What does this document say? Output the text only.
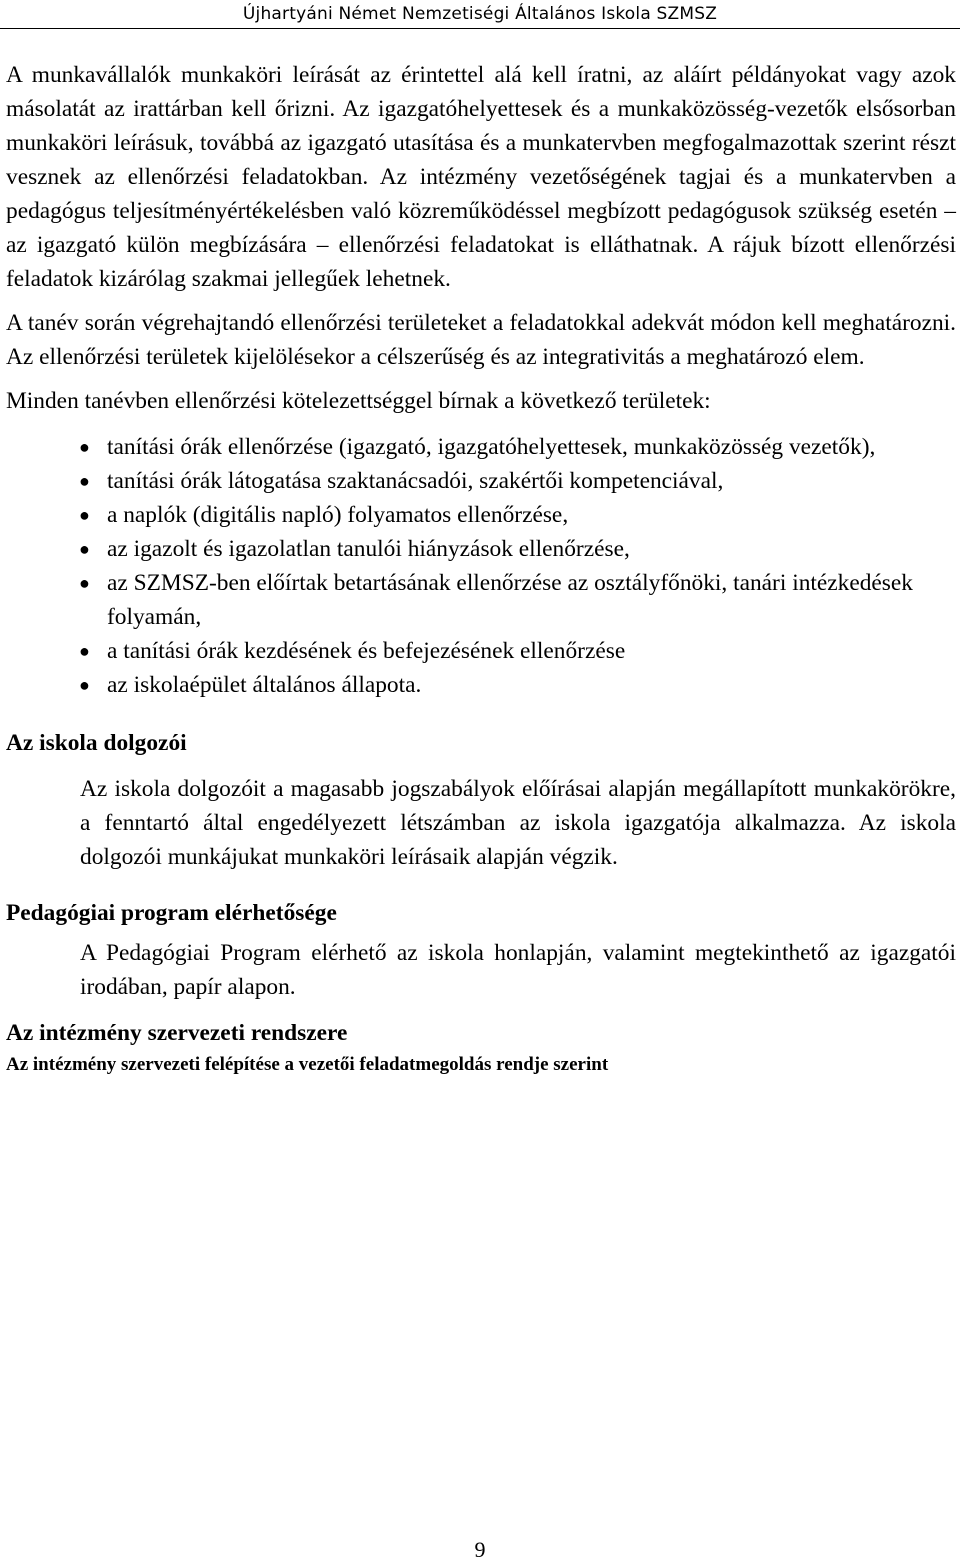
Újhartyáni Német Nemzetiségi Általános Iskola SZMSZ

A munkavállalók munkaköri leírását az érintettel alá kell íratni, az aláírt példányokat vagy azok másolatát az irattárban kell őrizni. Az igazgatóhelyettesek és a munkaközösség-vezetők elsősorban munkaköri leírásuk, továbbá az igazgató utasítása és a munkatervben megfogalmazottak szerint részt vesznek az ellenőrzési feladatokban. Az intézmény vezetőségének tagjai és a munkatervben a pedagógus teljesítményértékelésben való közreműködéssel megbízott pedagógusok szükség esetén – az igazgató külön megbízására – ellenőrzési feladatokat is elláthatnak. A rájuk bízott ellenőrzési feladatok kizárólag szakmai jellegűek lehetnek.

A tanév során végrehajtandó ellenőrzési területeket a feladatokkal adekvát módon kell meghatározni. Az ellenőrzési területek kijelölésekor a célszerűség és az integrativitás a meghatározó elem.

Minden tanévben ellenőrzési kötelezettséggel bírnak a következő területek:

● tanítási órák ellenőrzése (igazgató, igazgatóhelyettesek, munkaközösség vezetők),
● tanítási órák látogatása szaktanácsadói, szakértői kompetenciával,
● a naplók (digitális napló) folyamatos ellenőrzése,
● az igazolt és igazolatlan tanulói hiányzások ellenőrzése,
● az SZMSZ-ben előírtak betartásának ellenőrzése az osztályfőnöki, tanári intézkedések folyamán,
● a tanítási órák kezdésének és befejezésének ellenőrzése
● az iskolaépület általános állapota.
Az iskola dolgozói

Az iskola dolgozóit a magasabb jogszabályok előírásai alapján megállapított munkakörökre, a fenntartó által engedélyezett létszámban az iskola igazgatója alkalmazza. Az iskola dolgozói munkájukat munkaköri leírásaik alapján végzik.

Pedagógiai program elérhetősége

A Pedagógiai Program elérhető az iskola honlapján, valamint megtekinthető az igazgatói irodában, papír alapon.

Az intézmény szervezeti rendszere
Az intézmény szervezeti felépítése a vezetői feladatmegoldás rendje szerint
9
